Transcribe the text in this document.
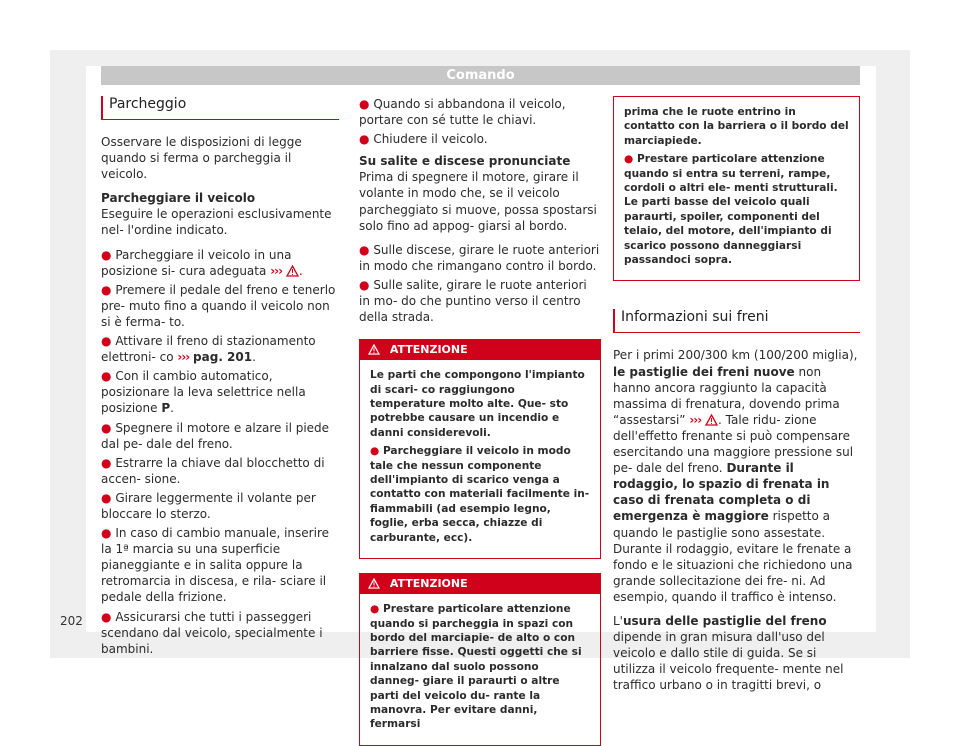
Comando
Parcheggio

Osservare le disposizioni di legge quando si ferma o parcheggia il veicolo.

Parcheggiare il veicolo

Eseguire le operazioni esclusivamente nel- l'ordine indicato.

● Parcheggiare il veicolo in una posizione si- cura adeguata ››› .

● Premere il pedale del freno e tenerlo pre- muto fino a quando il veicolo non si è ferma- to.

● Attivare il freno di stazionamento elettroni- co ››› pag. 201.

● Con il cambio automatico, posizionare la leva selettrice nella posizione P.

● Spegnere il motore e alzare il piede dal pe- dale del freno.

● Estrarre la chiave dal blocchetto di accen- sione.

● Girare leggermente il volante per bloccare lo sterzo.

● In caso di cambio manuale, inserire la 1ª marcia su una superficie pianeggiante e in salita oppure la retromarcia in discesa, e rila- sciare il pedale della frizione.

● Assicurarsi che tutti i passeggeri scendano dal veicolo, specialmente i bambini.

● Quando si abbandona il veicolo, portare con sé tutte le chiavi.

● Chiudere il veicolo.

Su salite e discese pronunciate

Prima di spegnere il motore, girare il volante in modo che, se il veicolo parcheggiato si muove, possa spostarsi solo fino ad appog- giarsi al bordo.

● Sulle discese, girare le ruote anteriori in modo che rimangano contro il bordo.

● Sulle salite, girare le ruote anteriori in mo- do che puntino verso il centro della strada.

ATTENZIONE

Le parti che compongono l'impianto di scari- co raggiungono temperature molto alte. Que- sto potrebbe causare un incendio e danni considerevoli.

● Parcheggiare il veicolo in modo tale che nessun componente dell'impianto di scarico venga a contatto con materiali facilmente in- fiammabili (ad esempio legno, foglie, erba secca, chiazze di carburante, ecc).

ATTENZIONE

● Prestare particolare attenzione quando si parcheggia in spazi con bordo del marciapie- de alto o con barriere fisse. Questi oggetti che si innalzano dal suolo possono danneg- giare il paraurti o altre parti del veicolo du- rante la manovra. Per evitare danni, fermarsi

prima che le ruote entrino in contatto con la barriera o il bordo del marciapiede.

● Prestare particolare attenzione quando si entra su terreni, rampe, cordoli o altri ele- menti strutturali. Le parti basse del veicolo quali paraurti, spoiler, componenti del telaio, del motore, dell'impianto di scarico possono danneggiarsi passandoci sopra.

Informazioni sui freni

Per i primi 200/300 km (100/200 miglia), le pastiglie dei freni nuove non hanno ancora raggiunto la capacità massima di frenatura, dovendo prima “assestarsi” ››› . Tale ridu- zione dell'effetto frenante si può compensare esercitando una maggiore pressione sul pe- dale del freno. Durante il rodaggio, lo spazio di frenata in caso di frenata completa o di emergenza è maggiore rispetto a quando le pastiglie sono assestate. Durante il rodaggio, evitare le frenate a fondo e le situazioni che richiedono una grande sollecitazione dei fre- ni. Ad esempio, quando il traffico è intenso.

L'usura delle pastiglie del freno dipende in gran misura dall'uso del veicolo e dallo stile di guida. Se si utilizza il veicolo frequente- mente nel traffico urbano o in tragitti brevi, o

202
